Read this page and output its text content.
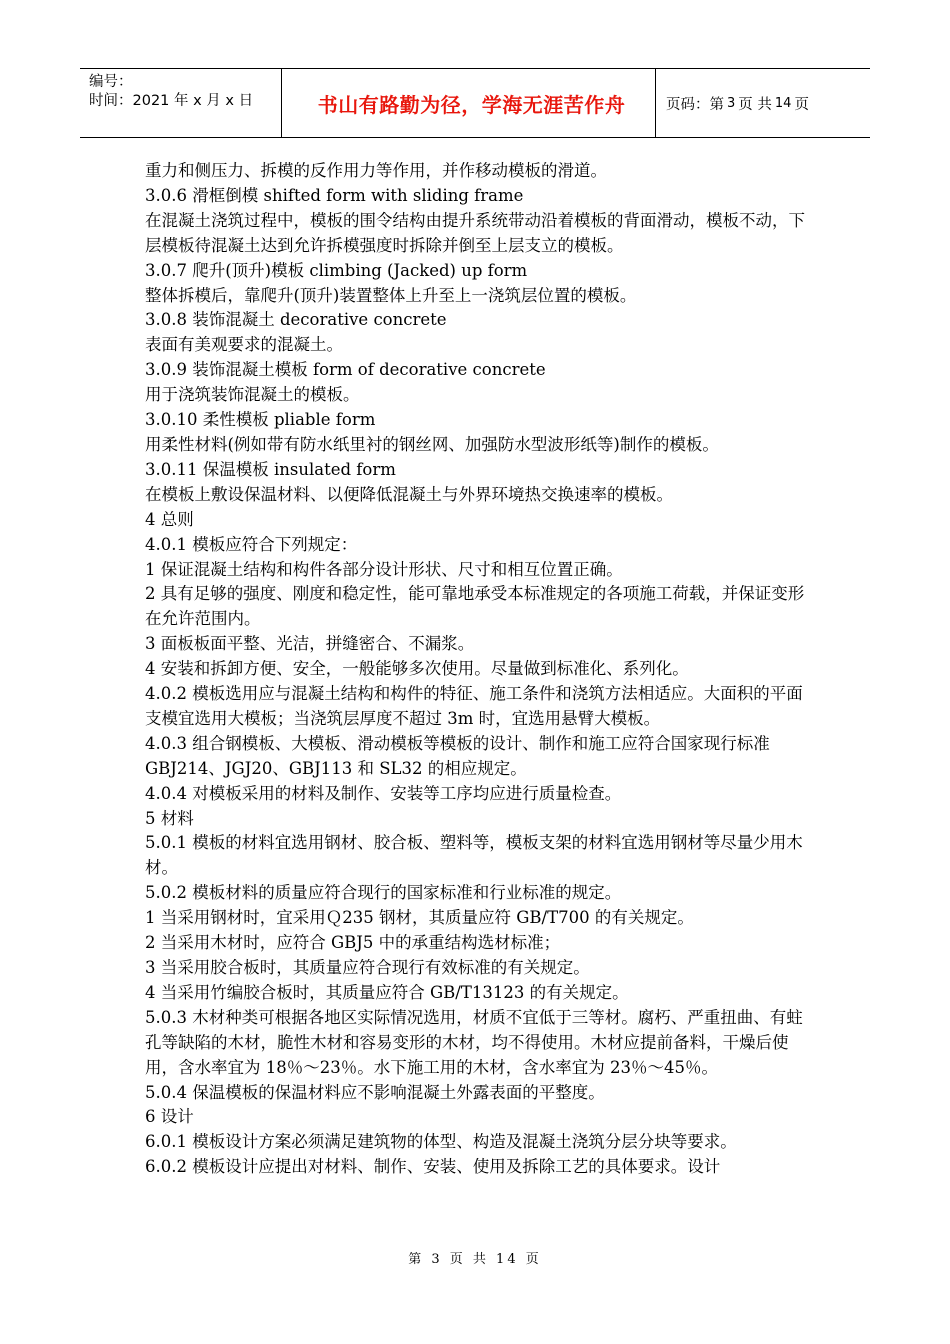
编号：
时间：2021 年 x 月 x 日	书山有路勤为径，学海无涯苦作舟	页码：第 3 页 共 14 页

重力和侧压力、拆模的反作用力等作用，并作移动模板的滑道。

3.0.6 滑框倒模 shifted form with sliding frame

在混凝土浇筑过程中，模板的围令结构由提升系统带动沿着模板的背面滑动，模板不动，下层模板待混凝土达到允许拆模强度时拆除并倒至上层支立的模板。

3.0.7 爬升(顶升)模板 climbing (Jacked) up form

整体拆模后，靠爬升(顶升)装置整体上升至上一浇筑层位置的模板。

3.0.8 装饰混凝土 decorative concrete

表面有美观要求的混凝土。

3.0.9 装饰混凝土模板 form of decorative concrete

用于浇筑装饰混凝土的模板。

3.0.10 柔性模板 pliable form

用柔性材料(例如带有防水纸里衬的钢丝网、加强防水型波形纸等)制作的模板。

3.0.11 保温模板 insulated form

在模板上敷设保温材料、以便降低混凝土与外界环境热交换速率的模板。

4 总则

4.0.1 模板应符合下列规定：

1 保证混凝土结构和构件各部分设计形状、尺寸和相互位置正确。

2 具有足够的强度、刚度和稳定性，能可靠地承受本标准规定的各项施工荷载，并保证变形在允许范围内。

3 面板板面平整、光洁，拼缝密合、不漏浆。

4 安装和拆卸方便、安全，一般能够多次使用。尽量做到标准化、系列化。

4.0.2 模板选用应与混凝土结构和构件的特征、施工条件和浇筑方法相适应。大面积的平面支模宜选用大模板；当浇筑层厚度不超过 3m 时，宜选用悬臂大模板。

4.0.3 组合钢模板、大模板、滑动模板等模板的设计、制作和施工应符合国家现行标准 GBJ214、JGJ20、GBJ113 和 SL32 的相应规定。

4.0.4 对模板采用的材料及制作、安装等工序均应进行质量检查。

5 材料

5.0.1 模板的材料宜选用钢材、胶合板、塑料等，模板支架的材料宜选用钢材等尽量少用木材。

5.0.2 模板材料的质量应符合现行的国家标准和行业标准的规定。

1 当采用钢材时，宜采用Ｑ235 钢材，其质量应符 GB/T700 的有关规定。

2 当采用木材时，应符合 GBJ5 中的承重结构选材标准；

3 当采用胶合板时，其质量应符合现行有效标准的有关规定。

4 当采用竹编胶合板时，其质量应符合 GB/T13123 的有关规定。

5.0.3 木材种类可根据各地区实际情况选用，材质不宜低于三等材。腐朽、严重扭曲、有蛀孔等缺陷的木材，脆性木材和容易变形的木材，均不得使用。木材应提前备料，干燥后使用，含水率宜为 18％～23％。水下施工用的木材，含水率宜为 23％～45％。

5.0.4 保温模板的保温材料应不影响混凝土外露表面的平整度。

6 设计

6.0.1 模板设计方案必须满足建筑物的体型、构造及混凝土浇筑分层分块等要求。

6.0.2 模板设计应提出对材料、制作、安装、使用及拆除工艺的具体要求。设计

第 3 页 共 14 页
